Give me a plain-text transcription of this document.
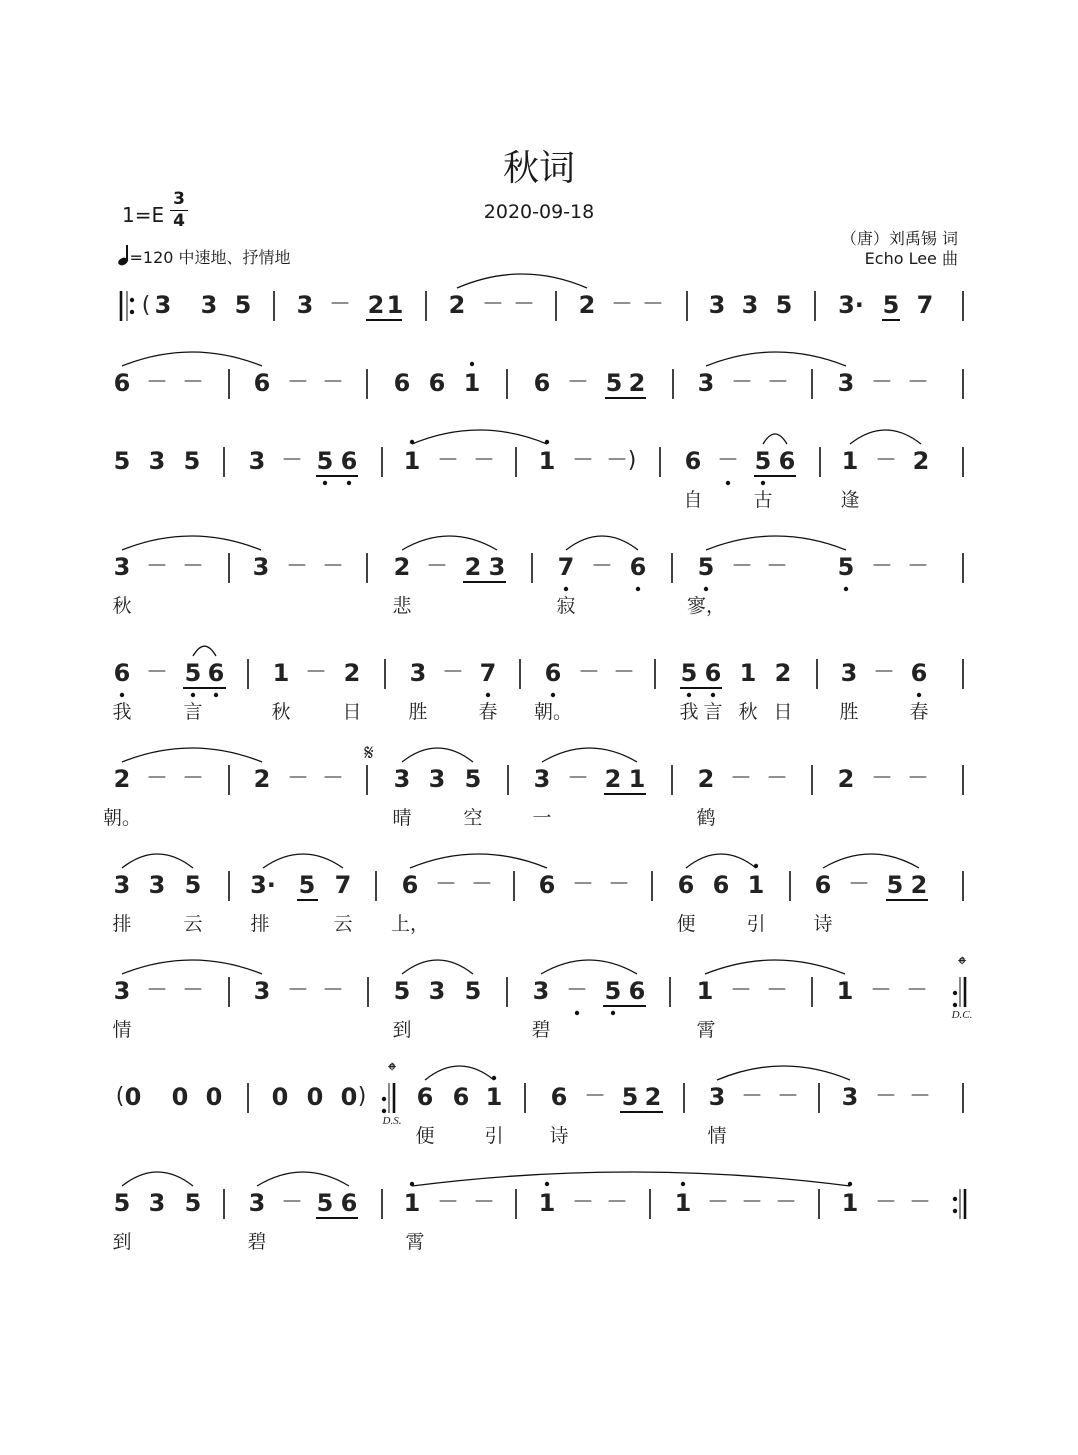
秋词
2020-09-18
1=E
3
4
=120 中速地、抒情地
（唐）刘禹锡 词
Echo Lee 曲
3 3 5 3 － 2 1 2 － － 2 － － 3 3 5 3· 5 7
6 － － 6 － － 6 6 1 6 － 5 2 3 － － 3 － －
5 3 5 3 － 5 6 1 － － 1 － － 6 － 5 6 1 － 2
自	古	逢
3 － － 3 － － 2 － 2 3 7 － 6 5 － － 5 － －
秋	悲	寂	寥，
6 － 5 6 1 － 2 3 － 7 6 － － 5 6 1 2 3 － 6
我	言	秋	日 胜	春 朝。	我 言 秋 日 胜	春
2 － － 2 － － 3 3 5 3 － 2 1 2 － － 2 － －
朝。	晴	空	一	鹤
3 3 5 3· 5 7 6 － － 6 － － 6 6 1 6 － 5 2
排	云	排	云 上，	便	引	诗
3 － － 3 － － 5 3 5 3 － 5 6 1 － － 1 － －
情	到	碧	霄
0 0 0 0 0 0 6 6 1 6 － 5 2 3 － － 3 － －
便	引 诗	情
5 3 5 3 － 5 6 1 － － 1 － － 1 － － － 1 － －
到	碧	霄
(
)
𝄋
𝄌
D.C.
(	)
𝄌
D.S.
